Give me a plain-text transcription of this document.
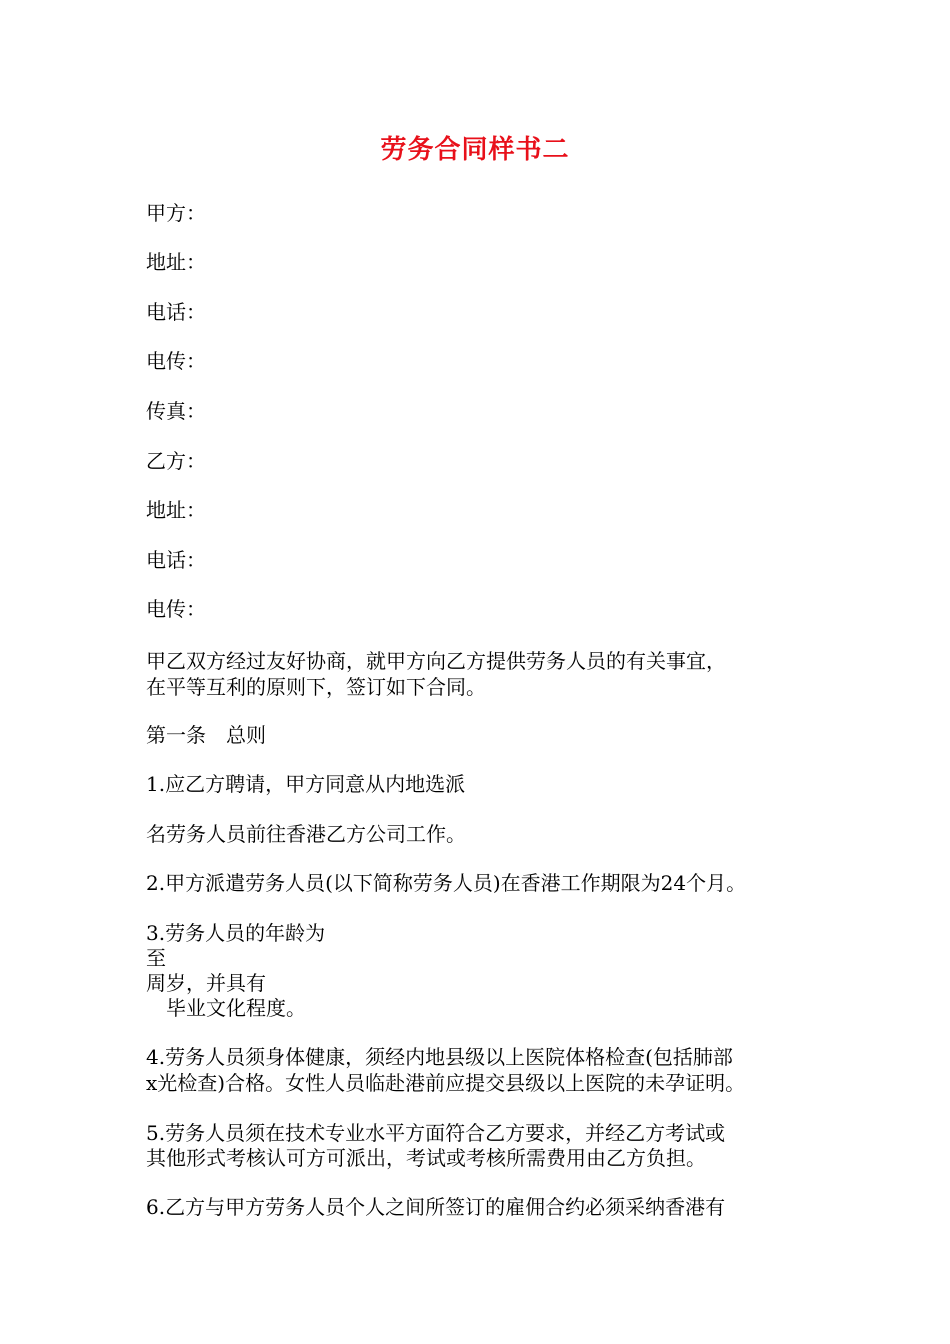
劳务合同样书二
甲方：
地址：
电话：
电传：
传真：
乙方：
地址：
电话：
电传：
甲乙双方经过友好协商，就甲方向乙方提供劳务人员的有关事宜，
在平等互利的原则下，签订如下合同。
第一条　总则
1.应乙方聘请，甲方同意从内地选派
名劳务人员前往香港乙方公司工作。
2.甲方派遣劳务人员(以下简称劳务人员)在香港工作期限为24个月。
3.劳务人员的年龄为
至
周岁，并具有
　毕业文化程度。
4.劳务人员须身体健康，须经内地县级以上医院体格检查(包括肺部
x光检查)合格。女性人员临赴港前应提交县级以上医院的未孕证明。
5.劳务人员须在技术专业水平方面符合乙方要求，并经乙方考试或
其他形式考核认可方可派出，考试或考核所需费用由乙方负担。
6.乙方与甲方劳务人员个人之间所签订的雇佣合约必须采纳香港有
